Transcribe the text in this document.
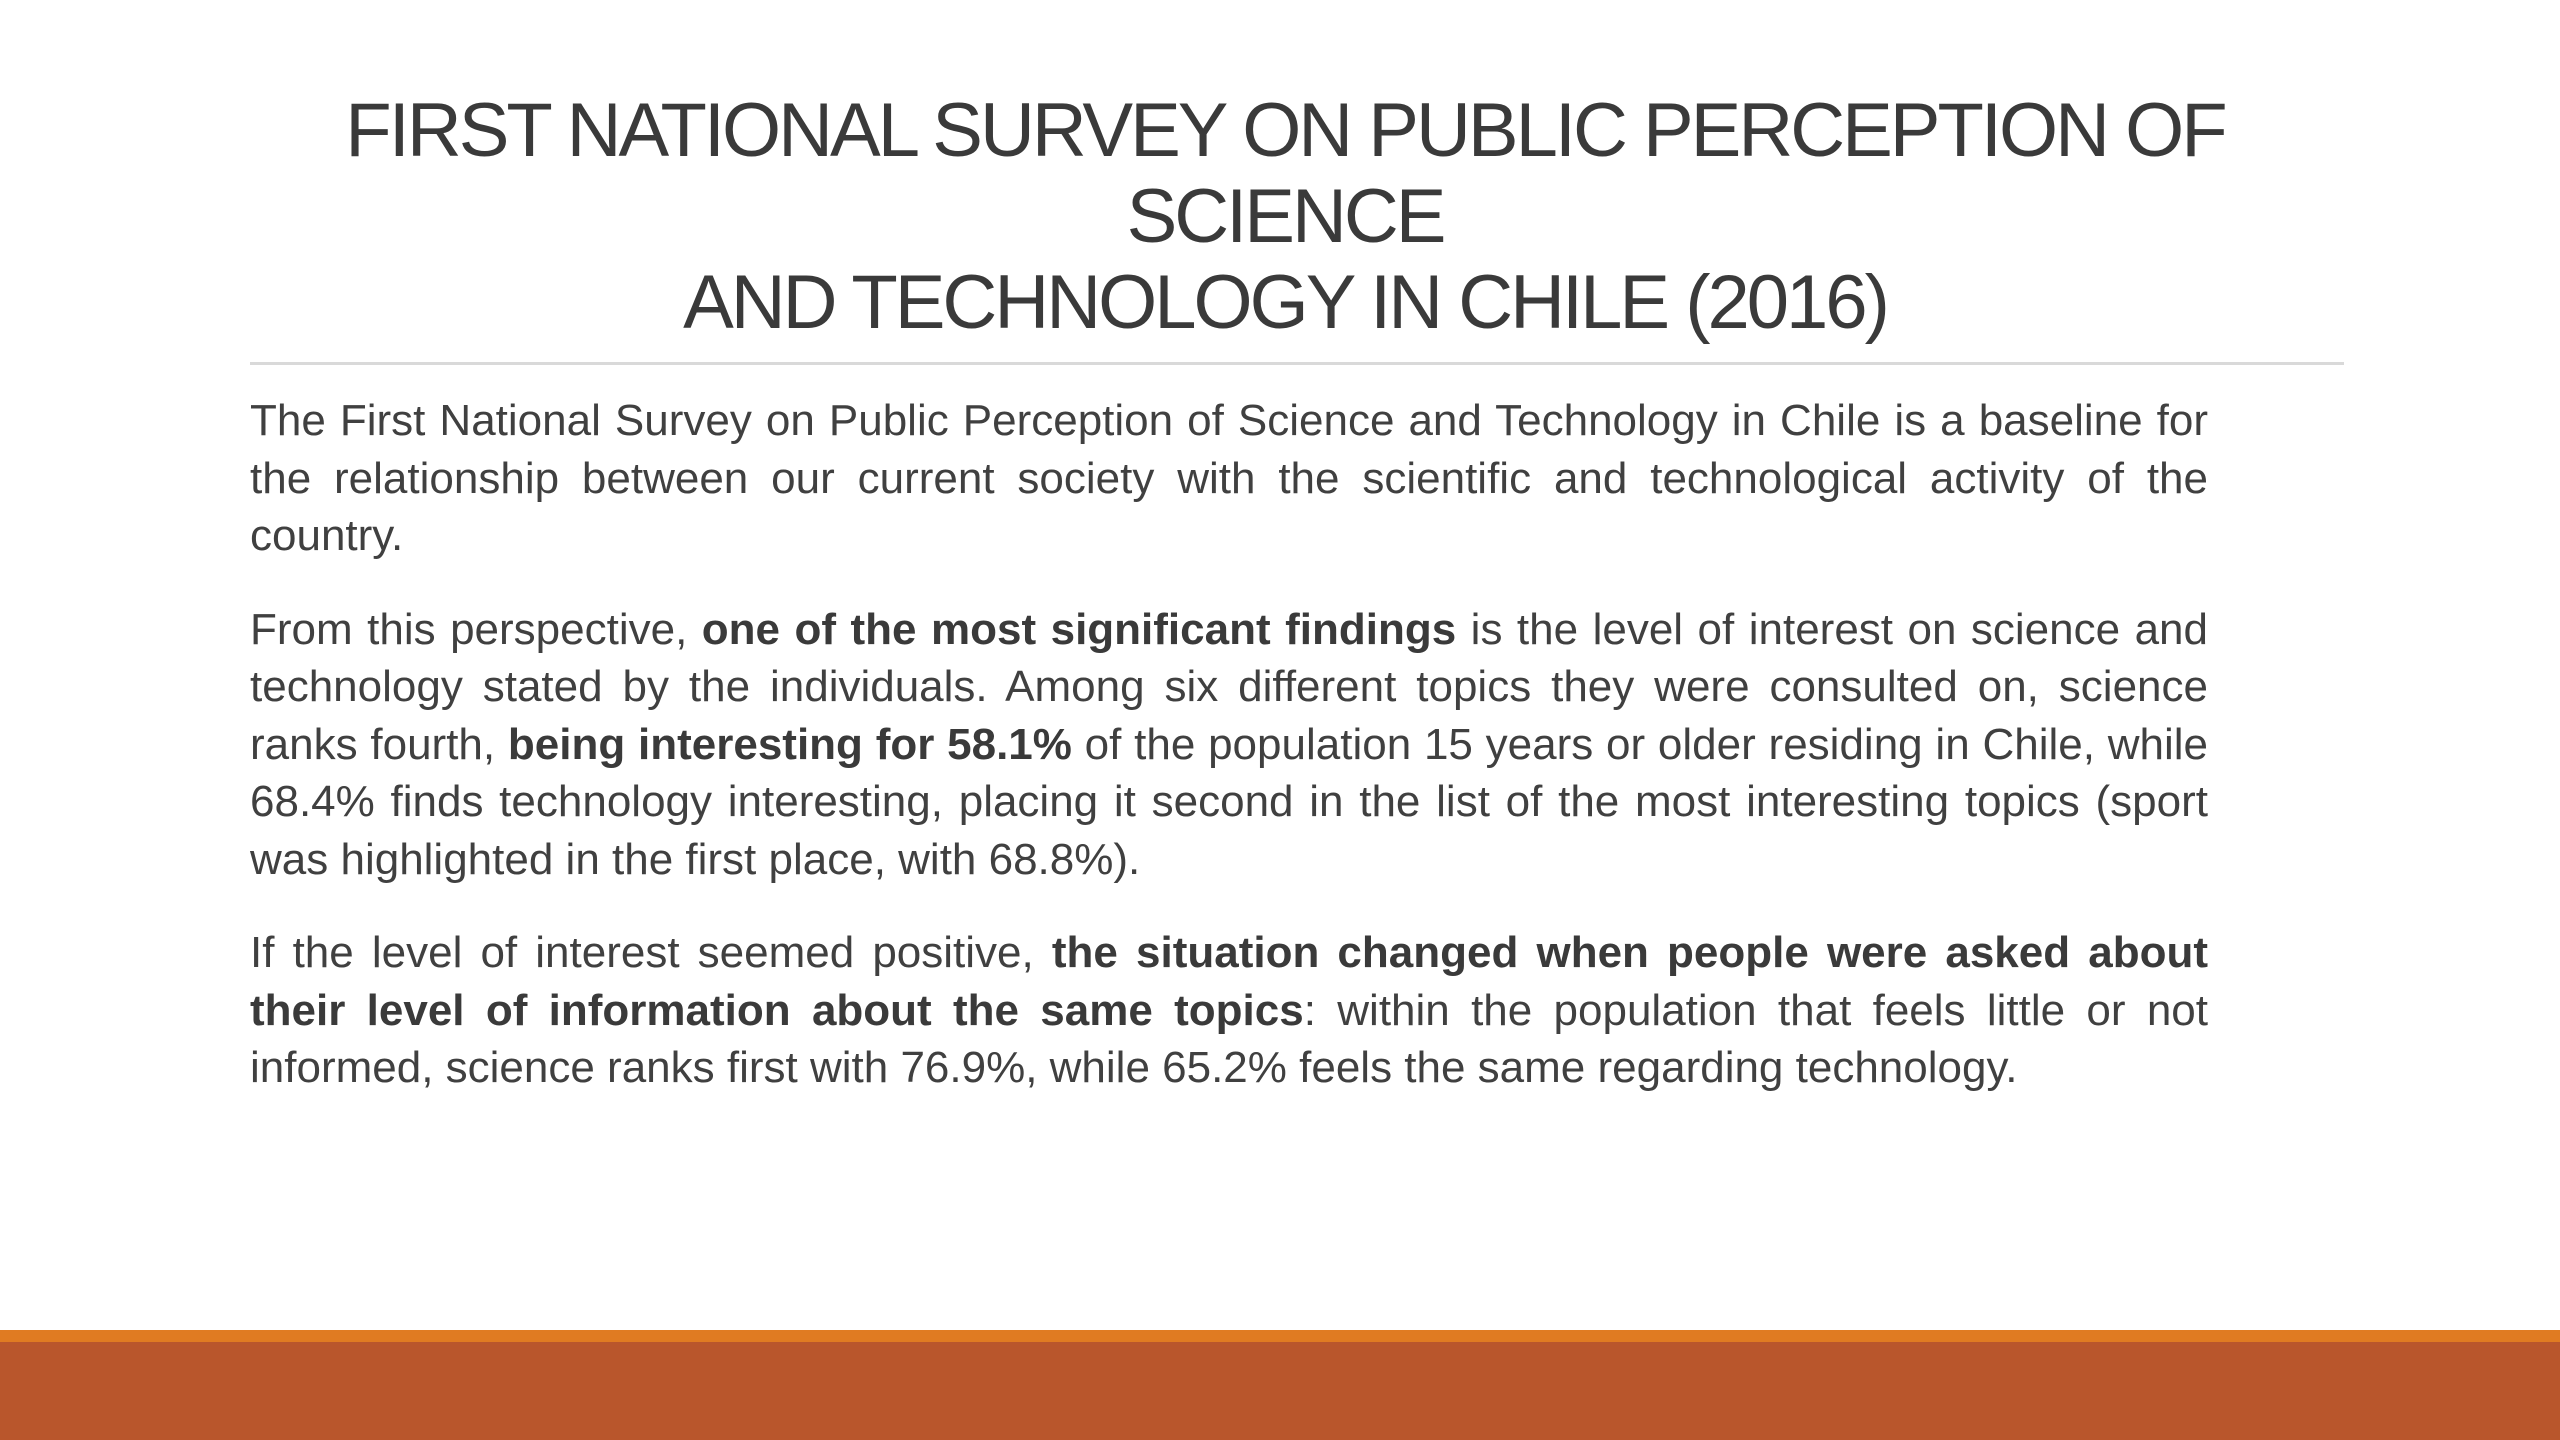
FIRST NATIONAL SURVEY ON PUBLIC PERCEPTION OF SCIENCE
AND TECHNOLOGY IN CHILE (2016)

The First National Survey on Public Perception of Science and Technology in Chile is a baseline for the relationship between our current society with the scientific and technological activity of the country.

From this perspective, one of the most significant findings is the level of interest on science and technology stated by the individuals. Among six different topics they were consulted on, science ranks fourth, being interesting for 58.1% of the population 15 years or older residing in Chile, while 68.4% finds technology interesting, placing it second in the list of the most interesting topics (sport was highlighted in the first place, with 68.8%).

If the level of interest seemed positive, the situation changed when people were asked about their level of information about the same topics: within the population that feels little or not informed, science ranks first with 76.9%, while 65.2% feels the same regarding technology.
